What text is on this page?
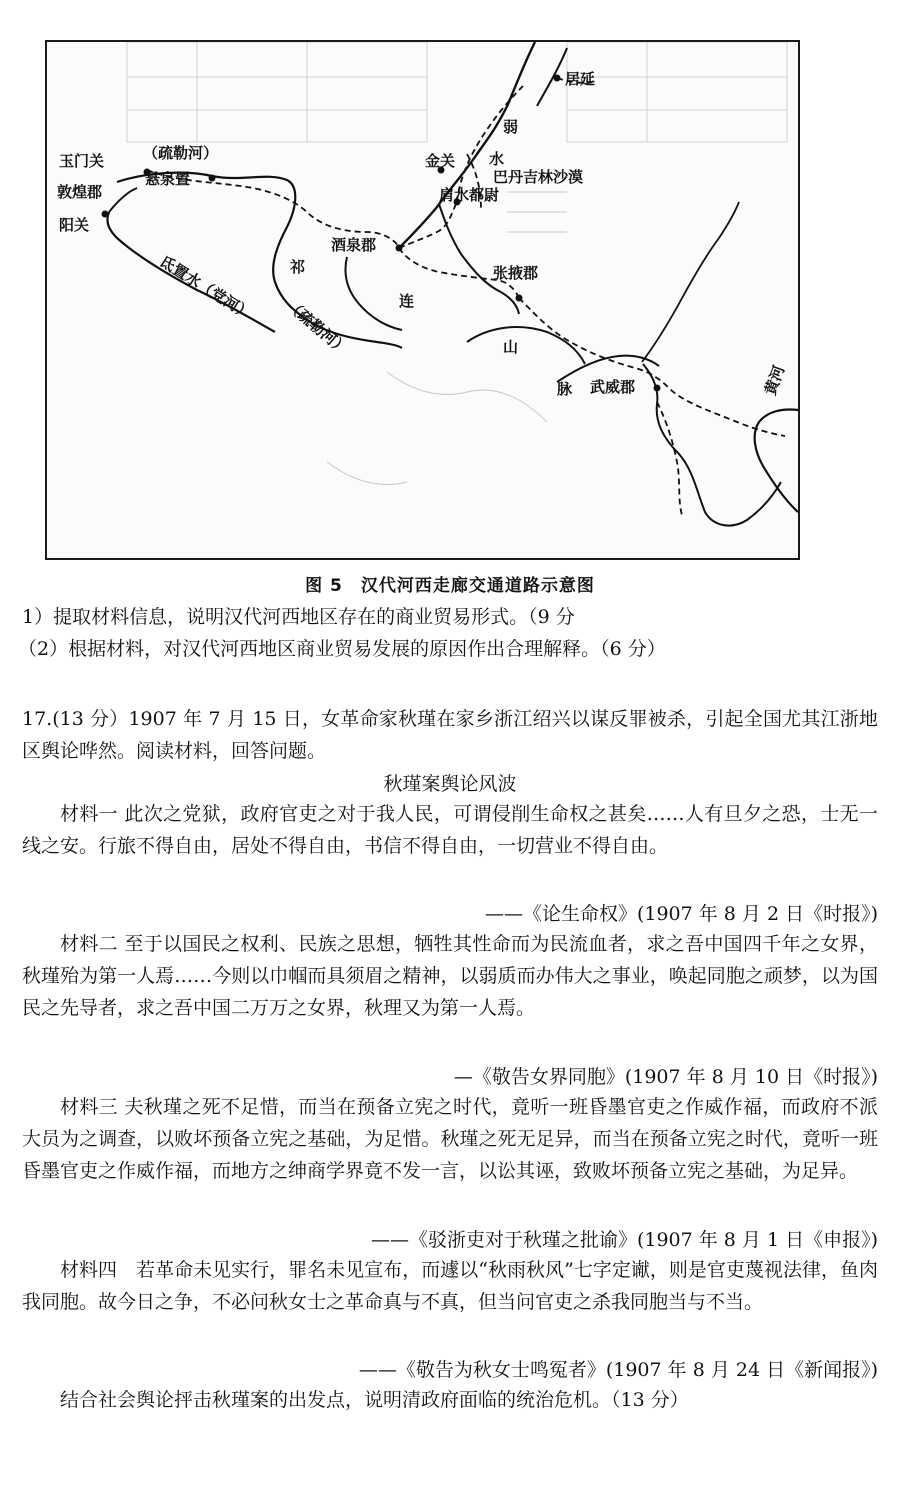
玉门关
敦煌郡
阳关
（疏勒河）
悬泉置
氐置水（党河）
（疏勒河）
祁
连
山
脉
酒泉郡
金关
肩水都尉
巴丹吉林沙漠
张掖郡
武威郡
居延
弱
水
黄河
图 5 汉代河西走廊交通道路示意图
1）提取材料信息，说明汉代河西地区存在的商业贸易形式。（9 分
（2）根据材料，对汉代河西地区商业贸易发展的原因作出合理解释。（6 分）
17.(13 分）1907 年 7 月 15 日，女革命家秋瑾在家乡浙江绍兴以谋反罪被杀，引起全国尤其江浙地区舆论哗然。阅读材料，回答问题。
秋瑾案舆论风波
材料一 此次之党狱，政府官吏之对于我人民，可谓侵削生命权之甚矣……人有旦夕之恐，士无一线之安。行旅不得自由，居处不得自由，书信不得自由，一切营业不得自由。
——《论生命权》(1907 年 8 月 2 日《时报》)
材料二 至于以国民之权利、民族之思想，牺牲其性命而为民流血者，求之吾中国四千年之女界，秋瑾殆为第一人焉……今则以巾帼而具须眉之精神，以弱质而办伟大之事业，唤起同胞之顽梦，以为国民之先导者，求之吾中国二万万之女界，秋理又为第一人焉。
—《敬告女界同胞》(1907 年 8 月 10 日《时报》)
材料三 夫秋瑾之死不足惜，而当在预备立宪之时代，竟听一班昏墨官吏之作威作福，而政府不派大员为之调查，以败坏预备立宪之基础，为足惜。秋瑾之死无足异，而当在预备立宪之时代，竟听一班昏墨官吏之作威作福，而地方之绅商学界竟不发一言，以讼其诬，致败坏预备立宪之基础，为足异。
——《驳浙吏对于秋瑾之批谕》(1907 年 8 月 1 日《申报》)
材料四　若革命未见实行，罪名未见宣布，而遽以“秋雨秋风”七字定谳，则是官吏蔑视法律，鱼肉我同胞。故今日之争，不必问秋女士之革命真与不真，但当问官吏之杀我同胞当与不当。
——《敬告为秋女士鸣冤者》(1907 年 8 月 24 日《新闻报》)
结合社会舆论抨击秋瑾案的出发点，说明清政府面临的统治危机。（13 分）
